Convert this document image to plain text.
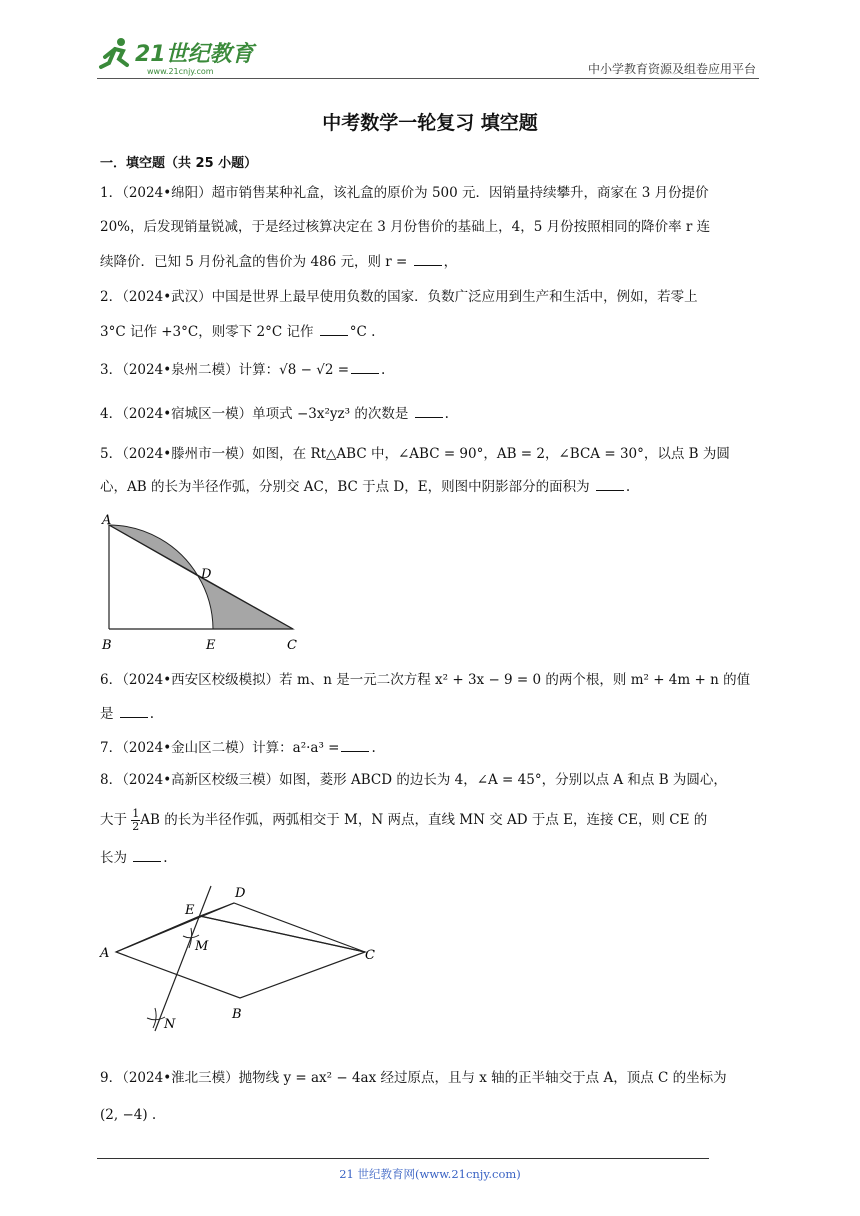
21世纪教育
www.21cnjy.com	中小学教育资源及组卷应用平台
中考数学一轮复习 填空题
一．填空题（共 25 小题）
1．（2024•绵阳）超市销售某种礼盒，该礼盒的原价为 500 元．因销量持续攀升，商家在 3 月份提价
20%，后发现销量锐减，于是经过核算决定在 3 月份售价的基础上，4，5 月份按照相同的降价率 r 连
续降价．已知 5 月份礼盒的售价为 486 元，则 r =	，
2．（2024•武汉）中国是世界上最早使用负数的国家．负数广泛应用到生产和生活中，例如，若零上
3°C 记作 +3°C，则零下 2°C 记作	°C .
3．（2024•泉州二模）计算：√8 − √2 = .
4．（2024•宿城区一模）单项式 −3x²yz³ 的次数是	.
5．（2024•滕州市一模）如图，在 Rt△ABC 中，∠ABC = 90°，AB = 2，∠BCA = 30°，以点 B 为圆
心，AB 的长为半径作弧，分别交 AC，BC 于点 D，E，则图中阴影部分的面积为	.
A
B	C
D
E
6．（2024•西安区校级模拟）若 m、n 是一元二次方程 x² + 3x − 9 = 0 的两个根，则 m² + 4m + n 的值
是	.
7．（2024•金山区二模）计算：a²·a³ = .
8．（2024•高新区校级三模）如图，菱形 ABCD 的边长为 4，∠A = 45°，分别以点 A 和点 B 为圆心，
大于 $\frac{1}{2}$ AB 的长为半径作弧，两弧相交于 M，N 两点，直线 MN 交 AD 于点 E，连接 CE，则 CE 的
长为	.
A
B
C
D
E
M
N
9．（2024•淮北三模）抛物线 y = ax² − 4ax 经过原点，且与 x 轴的正半轴交于点 A，顶点 C 的坐标为
(2, −4) .
21 世纪教育网(www.21cnjy.com)
